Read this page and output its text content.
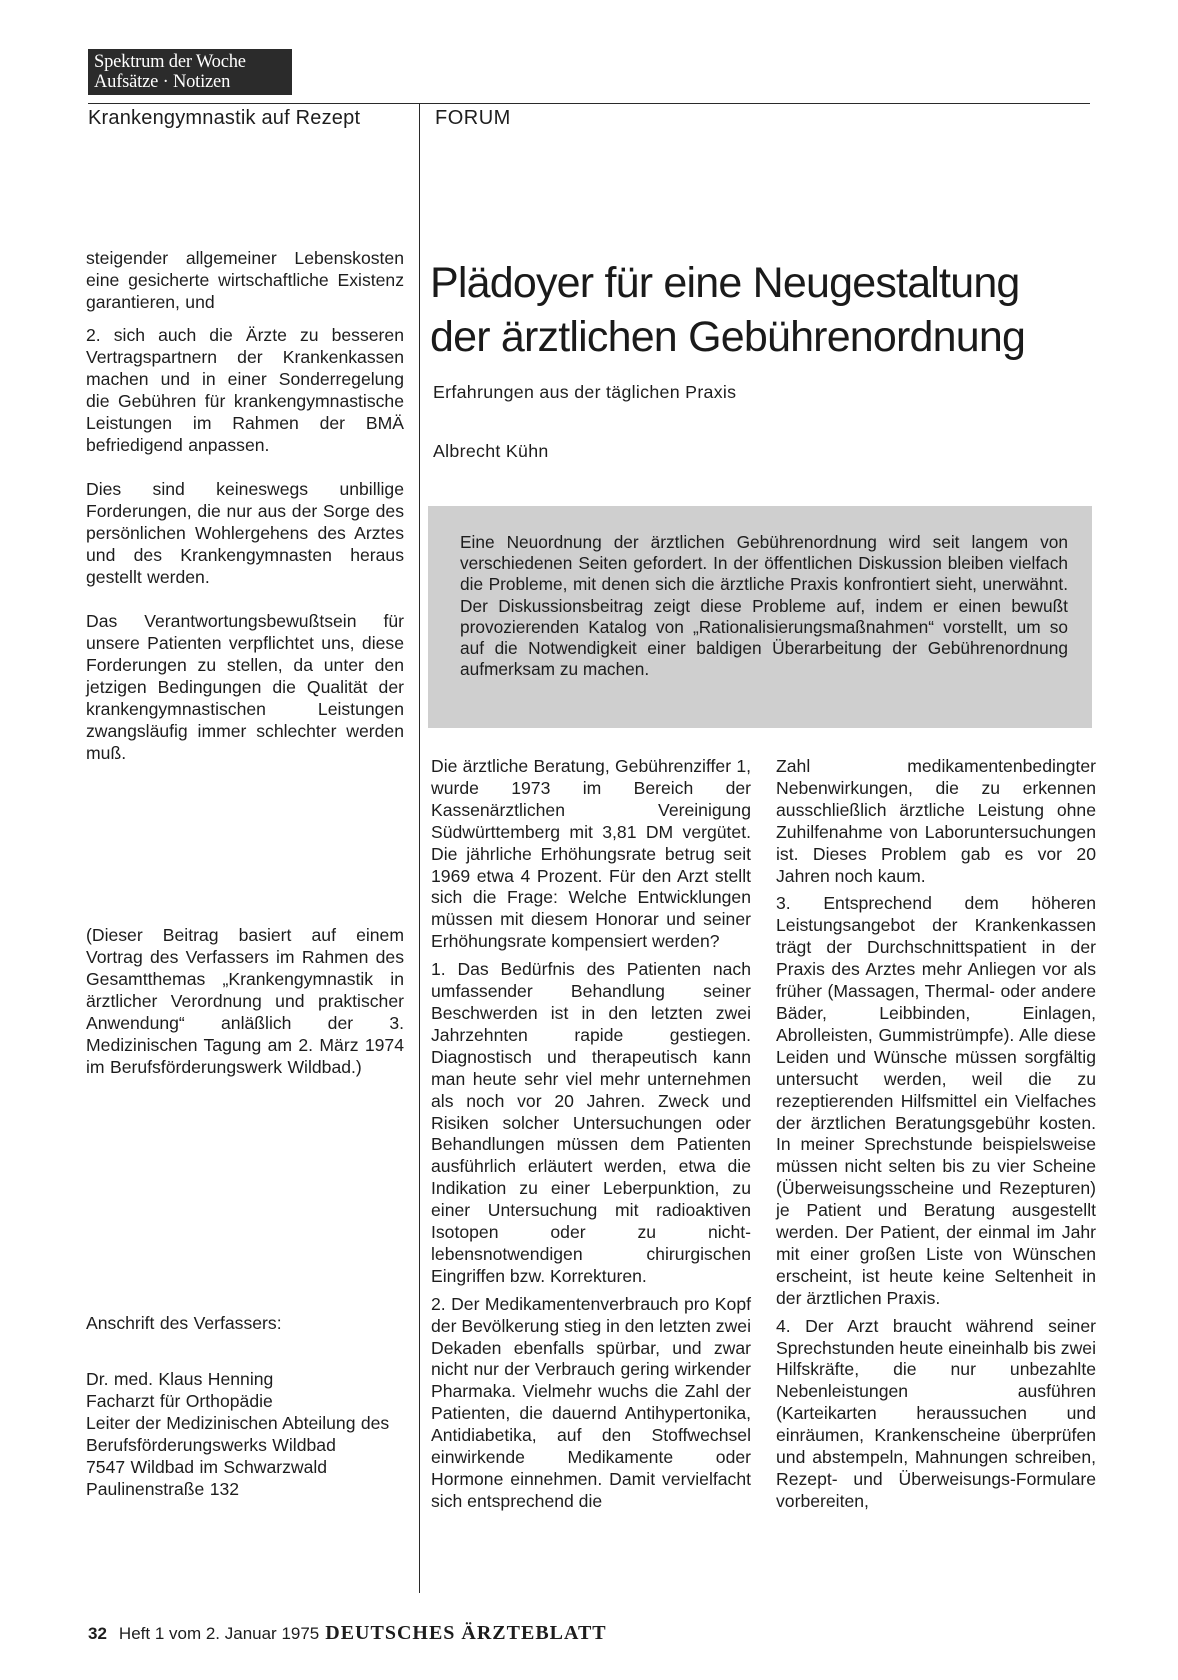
Spektrum der Woche
Aufsätze · Notizen
Krankengymnastik auf Rezept	FORUM

steigender allgemeiner Lebenskosten eine gesicherte wirtschaftliche Existenz garantieren, und

2. sich auch die Ärzte zu besseren Vertragspartnern der Krankenkassen machen und in einer Sonderregelung die Gebühren für krankengymnastische Leistungen im Rahmen der BMÄ befriedigend anpassen.

Dies sind keineswegs unbillige Forderungen, die nur aus der Sorge des persönlichen Wohlergehens des Arztes und des Krankengymnasten heraus gestellt werden.

Das Verantwortungsbewußtsein für unsere Patienten verpflichtet uns, diese Forderungen zu stellen, da unter den jetzigen Bedingungen die Qualität der krankengymnastischen Leistungen zwangsläufig immer schlechter werden muß.

(Dieser Beitrag basiert auf einem Vortrag des Verfassers im Rahmen des Gesamtthemas „Krankengymnastik in ärztlicher Verordnung und praktischer Anwendung“ anläßlich der 3. Medizinischen Tagung am 2. März 1974 im Berufsförderungswerk Wildbad.)

Anschrift des Verfassers:

Dr. med. Klaus Henning

Facharzt für Orthopädie

Leiter der Medizinischen Abteilung des Berufsförderungswerks Wildbad

7547 Wildbad im Schwarzwald

Paulinenstraße 132

Plädoyer für eine Neugestaltung
der ärztlichen Gebührenordnung
Erfahrungen aus der täglichen Praxis
Albrecht Kühn
Eine Neuordnung der ärztlichen Gebührenordnung wird seit langem von verschiedenen Seiten gefordert. In der öffentlichen Diskussion bleiben vielfach die Probleme, mit denen sich die ärztliche Praxis konfrontiert sieht, unerwähnt. Der Diskussionsbeitrag zeigt diese Probleme auf, indem er einen bewußt provozierenden Katalog von „Rationalisierungsmaßnahmen“ vorstellt, um so auf die Notwendigkeit einer baldigen Überarbeitung der Gebührenordnung aufmerksam zu machen.

Die ärztliche Beratung, Gebührenziffer 1, wurde 1973 im Bereich der Kassenärztlichen Vereinigung Südwürttemberg mit 3,81 DM vergütet. Die jährliche Erhöhungsrate betrug seit 1969 etwa 4 Prozent. Für den Arzt stellt sich die Frage: Welche Entwicklungen müssen mit diesem Honorar und seiner Erhöhungsrate kompensiert werden?

1. Das Bedürfnis des Patienten nach umfassender Behandlung seiner Beschwerden ist in den letzten zwei Jahrzehnten rapide gestiegen. Diagnostisch und therapeutisch kann man heute sehr viel mehr unternehmen als noch vor 20 Jahren. Zweck und Risiken solcher Untersuchungen oder Behandlungen müssen dem Patienten ausführlich erläutert werden, etwa die Indikation zu einer Leberpunktion, zu einer Untersuchung mit radioaktiven Isotopen oder zu nicht-lebensnotwendigen chirurgischen Eingriffen bzw. Korrekturen.

2. Der Medikamentenverbrauch pro Kopf der Bevölkerung stieg in den letzten zwei Dekaden ebenfalls spürbar, und zwar nicht nur der Verbrauch gering wirkender Pharmaka. Vielmehr wuchs die Zahl der Patienten, die dauernd Antihypertonika, Antidiabetika, auf den Stoffwechsel einwirkende Medikamente oder Hormone einnehmen. Damit vervielfacht sich entsprechend die

Zahl medikamentenbedingter Nebenwirkungen, die zu erkennen ausschließlich ärztliche Leistung ohne Zuhilfenahme von Laboruntersuchungen ist. Dieses Problem gab es vor 20 Jahren noch kaum.

3. Entsprechend dem höheren Leistungsangebot der Krankenkassen trägt der Durchschnittspatient in der Praxis des Arztes mehr Anliegen vor als früher (Massagen, Thermal- oder andere Bäder, Leibbinden, Einlagen, Abrolleisten, Gummistrümpfe). Alle diese Leiden und Wünsche müssen sorgfältig untersucht werden, weil die zu rezeptierenden Hilfsmittel ein Vielfaches der ärztlichen Beratungsgebühr kosten. In meiner Sprechstunde beispielsweise müssen nicht selten bis zu vier Scheine (Überweisungsscheine und Rezepturen) je Patient und Beratung ausgestellt werden. Der Patient, der einmal im Jahr mit einer großen Liste von Wünschen erscheint, ist heute keine Seltenheit in der ärztlichen Praxis.

4. Der Arzt braucht während seiner Sprechstunden heute eineinhalb bis zwei Hilfskräfte, die nur unbezahlte Nebenleistungen ausführen (Karteikarten heraussuchen und einräumen, Krankenscheine überprüfen und abstempeln, Mahnungen schreiben, Rezept- und Überweisungs-Formulare vorbereiten,

32 Heft 1 vom 2. Januar 1975 DEUTSCHES ÄRZTEBLATT
